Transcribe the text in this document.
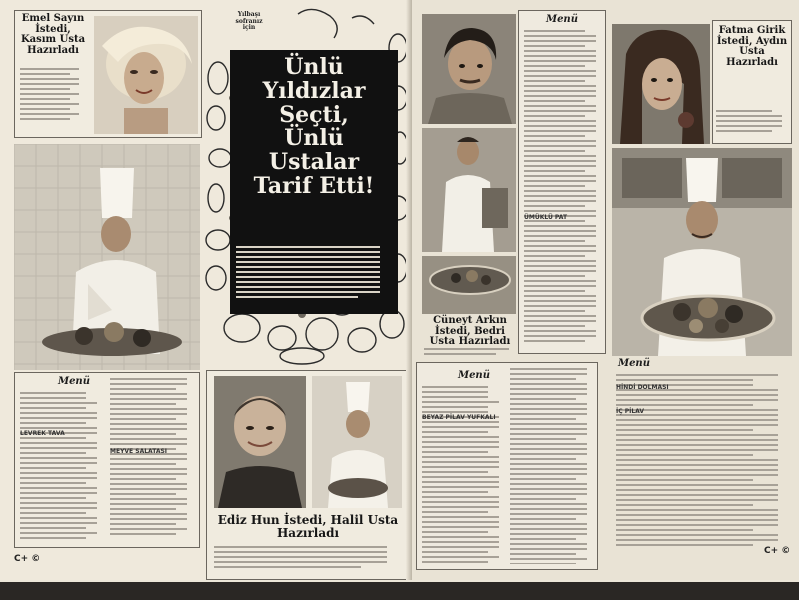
Emel Sayın İstedi, Kasım Usta Hazırladı
Menü
LEVREK TAVA
MEYVE SALATASI
C+ ©
Yılbaşı sofranız için
Ünlü
Yıldızlar
Seçti,
Ünlü
Ustalar
Tarif Etti!
Ediz Hun İstedi, Halil Usta Hazırladı
Menü
ÜMÜKLÜ PAT
Cüneyt Arkın İstedi, Bedri Usta Hazırladı
Fatma Girik İstedi, Aydın Usta Hazırladı
Menü
BEYAZ PİLAV YUFKALI
Menü
HİNDİ DOLMASI
İÇ PİLAV
C+ ©
